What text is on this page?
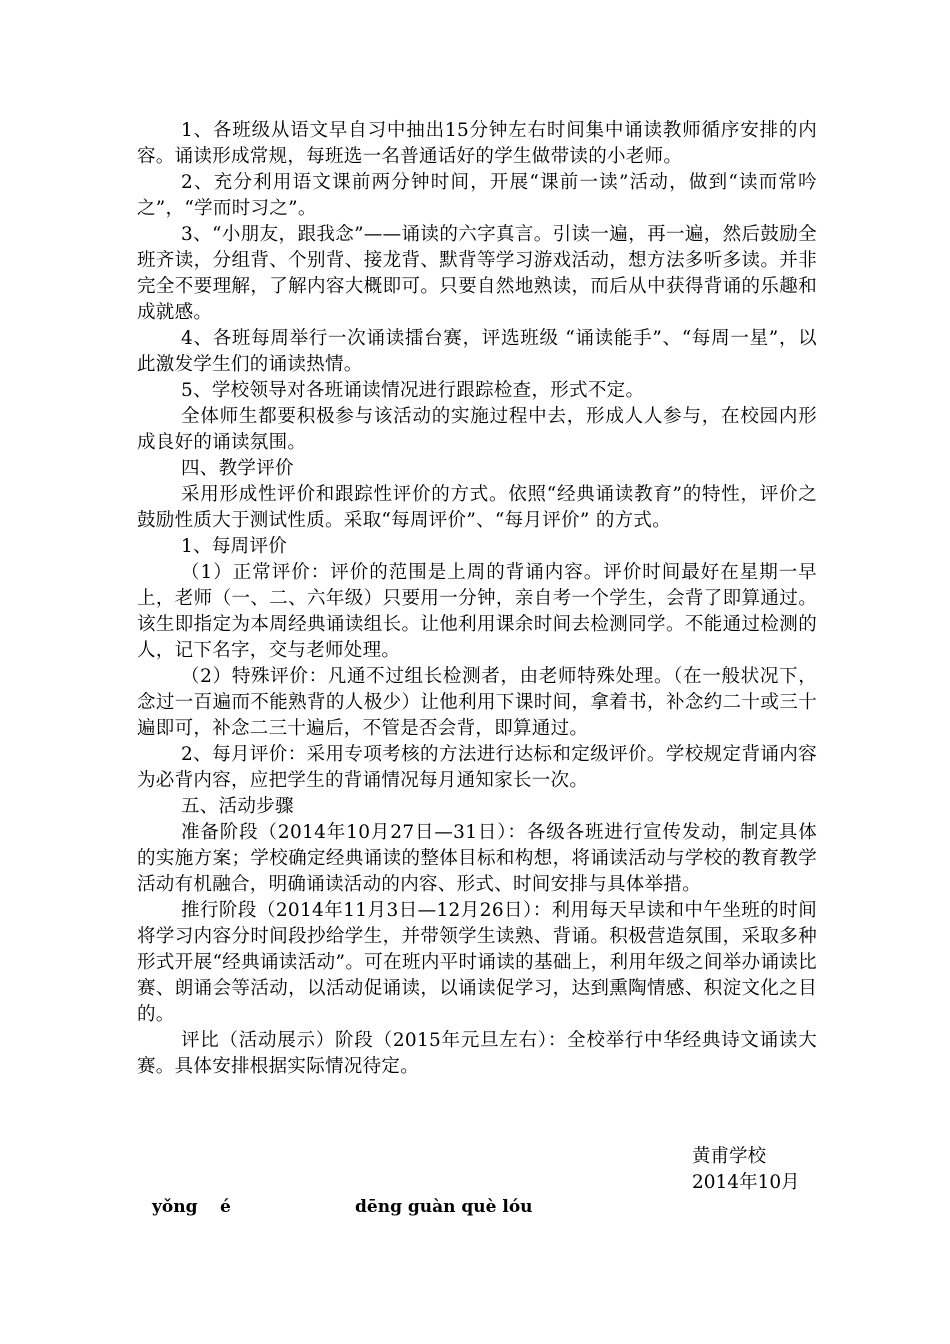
1、各班级从语文早自习中抽出15分钟左右时间集中诵读教师循序安排的内容。诵读形成常规，每班选一名普通话好的学生做带读的小老师。

2、充分利用语文课前两分钟时间，开展“课前一读”活动，做到“读而常吟之”，“学而时习之”。

3、“小朋友，跟我念”——诵读的六字真言。引读一遍，再一遍，然后鼓励全班齐读，分组背、个别背、接龙背、默背等学习游戏活动，想方法多听多读。并非完全不要理解，了解内容大概即可。只要自然地熟读，而后从中获得背诵的乐趣和成就感。

4、各班每周举行一次诵读擂台赛，评选班级 “诵读能手”、“每周一星”，以此激发学生们的诵读热情。

5、学校领导对各班诵读情况进行跟踪检查，形式不定。

全体师生都要积极参与该活动的实施过程中去，形成人人参与，在校园内形成良好的诵读氛围。

四、教学评价

采用形成性评价和跟踪性评价的方式。依照“经典诵读教育”的特性，评价之鼓励性质大于测试性质。采取“每周评价”、“每月评价” 的方式。

1、每周评价

（1）正常评价：评价的范围是上周的背诵内容。评价时间最好在星期一早上，老师（一、二、六年级）只要用一分钟，亲自考一个学生，会背了即算通过。该生即指定为本周经典诵读组长。让他利用课余时间去检测同学。不能通过检测的人，记下名字，交与老师处理。

（2）特殊评价：凡通不过组长检测者，由老师特殊处理。（在一般状况下，念过一百遍而不能熟背的人极少）让他利用下课时间，拿着书，补念约二十或三十遍即可，补念二三十遍后，不管是否会背，即算通过。

2、每月评价：采用专项考核的方法进行达标和定级评价。学校规定背诵内容为必背内容，应把学生的背诵情况每月通知家长一次。

五、活动步骤

准备阶段（2014年10月27日—31日）：各级各班进行宣传发动，制定具体的实施方案；学校确定经典诵读的整体目标和构想，将诵读活动与学校的教育教学活动有机融合，明确诵读活动的内容、形式、时间安排与具体举措。

推行阶段（2014年11月3日—12月26日）：利用每天早读和中午坐班的时间将学习内容分时间段抄给学生，并带领学生读熟、背诵。积极营造氛围，采取多种形式开展“经典诵读活动”。可在班内平时诵读的基础上，利用年级之间举办诵读比赛、朗诵会等活动，以活动促诵读，以诵读促学习，达到熏陶情感、积淀文化之目的。

评比（活动展示）阶段（2015年元旦左右）：全校举行中华经典诗文诵读大赛。具体安排根据实际情况待定。

黄甫学校
2014年10月
yǒng é	dēng guàn què lóu
